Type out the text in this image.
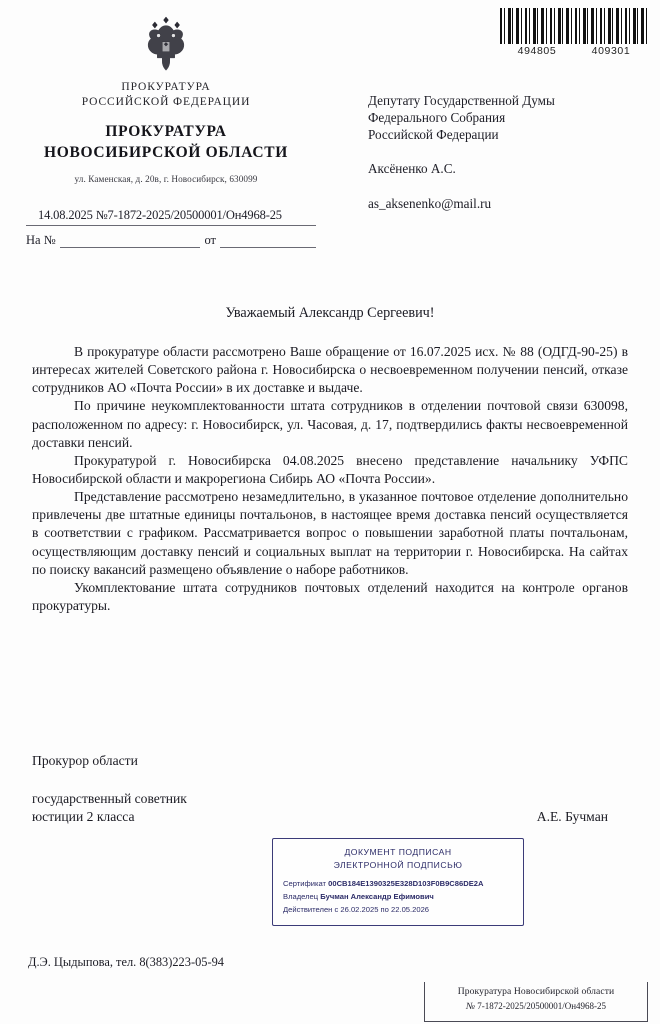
494805	409301
ПРОКУРАТУРА
РОССИЙСКОЙ ФЕДЕРАЦИИ
ПРОКУРАТУРА
НОВОСИБИРСКОЙ ОБЛАСТИ
ул. Каменская, д. 20в, г. Новосибирск, 630099
14.08.2025 №7-1872-2025/20500001/Он4968-25
На №	от
Депутату Государственной Думы
Федерального Собрания
Российской Федерации
Аксёненко А.С.
as_aksenenko@mail.ru
Уважаемый Александр Сергеевич!

В прокуратуре области рассмотрено Ваше обращение от 16.07.2025 исх. № 88 (ОДГД-90-25) в интересах жителей Советского района г. Новосибирска о несвоевременном получении пенсий, отказе сотрудников АО «Почта России» в их доставке и выдаче.

По причине неукомплектованности штата сотрудников в отделении почтовой связи 630098, расположенном по адресу: г. Новосибирск, ул. Часовая, д. 17, подтвердились факты несвоевременной доставки пенсий.

Прокуратурой г. Новосибирска 04.08.2025 внесено представление начальнику УФПС Новосибирской области и макрорегиона Сибирь АО «Почта России».

Представление рассмотрено незамедлительно, в указанное почтовое отделение дополнительно привлечены две штатные единицы почтальонов, в настоящее время доставка пенсий осуществляется в соответствии с графиком. Рассматривается вопрос о повышении заработной платы почтальонам, осуществляющим доставку пенсий и социальных выплат на территории г. Новосибирска. На сайтах по поиску вакансий размещено объявление о наборе работников.

Укомплектование штата сотрудников почтовых отделений находится на контроле органов прокуратуры.

Прокурор области
государственный советник
юстиции 2 класса	А.Е. Бучман
ДОКУМЕНТ ПОДПИСАН
ЭЛЕКТРОННОЙ ПОДПИСЬЮ
Сертификат 00CB184E1390325E328D103F0B9C86DE2A
Владелец Бучман Александр Ефимович
Действителен с 26.02.2025 по 22.05.2026
Д.Э. Цыдыпова, тел. 8(383)223-05-94
Прокуратура Новосибирской области
№ 7-1872-2025/20500001/Он4968-25
